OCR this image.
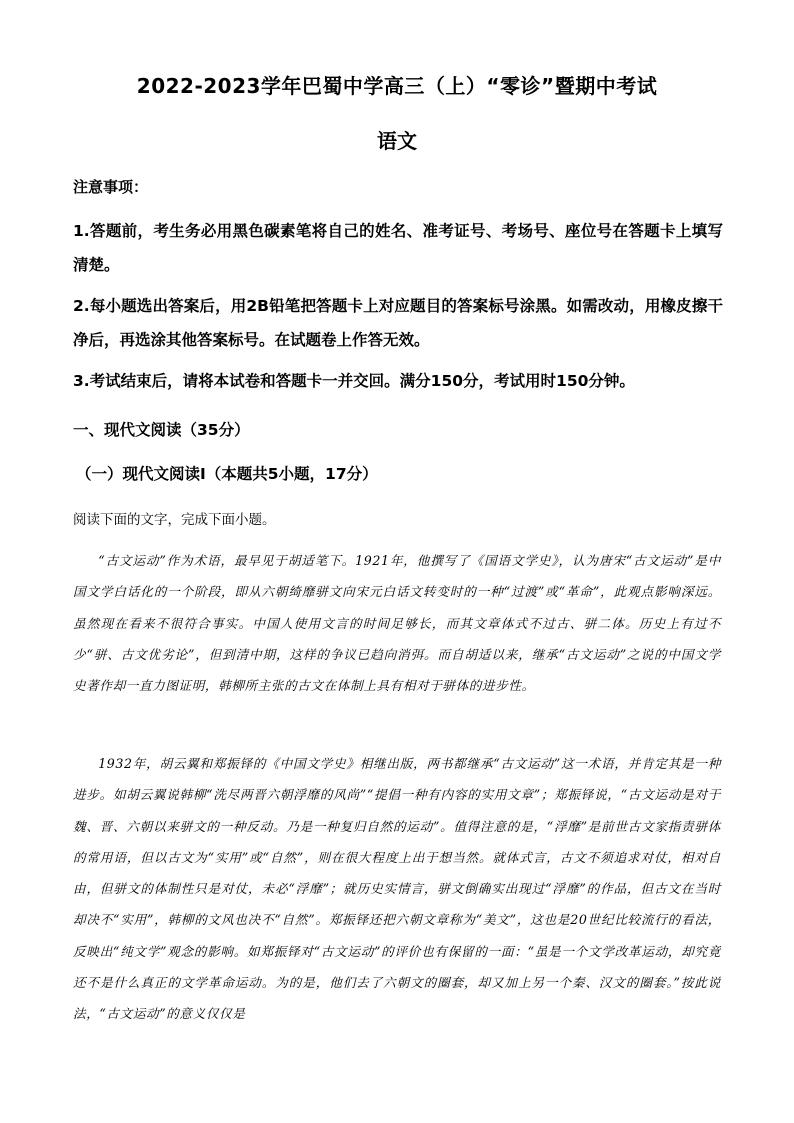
2022-2023学年巴蜀中学高三（上）“零诊”暨期中考试
语文
注意事项：
1.答题前，考生务必用黑色碳素笔将自己的姓名、准考证号、考场号、座位号在答题卡上填写清楚。
2.每小题选出答案后，用2B铅笔把答题卡上对应题目的答案标号涂黑。如需改动，用橡皮擦干净后，再选涂其他答案标号。在试题卷上作答无效。
3.考试结束后，请将本试卷和答题卡一并交回。满分150分，考试用时150分钟。
一、现代文阅读（35分）
（一）现代文阅读Ⅰ（本题共5小题，17分）
阅读下面的文字，完成下面小题。
“古文运动”作为术语，最早见于胡适笔下。1921年，他撰写了《国语文学史》，认为唐宋“古文运动”是中国文学白话化的一个阶段，即从六朝绮靡骈文向宋元白话文转变时的一种“过渡”或“革命”，此观点影响深远。虽然现在看来不很符合事实。中国人使用文言的时间足够长，而其文章体式不过古、骈二体。历史上有过不少“骈、古文优劣论”，但到清中期，这样的争议已趋向消弭。而自胡适以来，继承“古文运动”之说的中国文学史著作却一直力图证明，韩柳所主张的古文在体制上具有相对于骈体的进步性。
1932年，胡云翼和郑振铎的《中国文学史》相继出版，两书都继承“古文运动”这一术语，并肯定其是一种进步。如胡云翼说韩柳“洗尽两晋六朝浮靡的风尚”“提倡一种有内容的实用文章”；郑振铎说，“古文运动是对于魏、晋、六朝以来骈文的一种反动。乃是一种复归自然的运动”。值得注意的是，“浮靡”是前世古文家指责骈体的常用语，但以古文为“实用”或“自然”，则在很大程度上出于想当然。就体式言，古文不须追求对仗，相对自由，但骈文的体制性只是对仗，未必“浮靡”；就历史实情言，骈文倒确实出现过“浮靡”的作品，但古文在当时却决不“实用”，韩柳的文风也决不“自然”。郑振铎还把六朝文章称为“美文”，这也是20世纪比较流行的看法，反映出“纯文学”观念的影响。如郑振铎对“古文运动”的评价也有保留的一面：“虽是一个文学改革运动，却究竟还不是什么真正的文学革命运动。为的是，他们去了六朝文的圈套，却又加上另一个秦、汉文的圈套。”按此说法，“古文运动”的意义仅仅是
